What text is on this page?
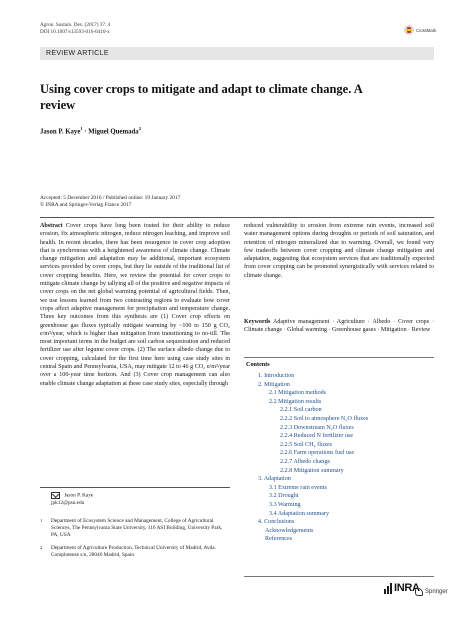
Agron. Sustain. Dev. (2017) 37: 4
DOI 10.1007/s13593-016-0410-x	CrossMark
REVIEW ARTICLE
Using cover crops to mitigate and adapt to climate change. A review
Jason P. Kaye$^1$ · Miguel Quemada$^2$
Accepted: 5 December 2016 / Published online: 19 January 2017
© INRA and Springer-Verlag France 2017
Abstract Cover crops have long been touted for their ability to reduce erosion, fix atmospheric nitrogen, reduce nitrogen leaching, and improve soil health. In recent decades, there has been resurgence in cover crop adoption that is synchronous with a heightened awareness of climate change. Climate change mitigation and adaptation may be additional, important ecosystem services provided by cover crops, but they lie outside of the traditional list of cover cropping benefits. Here, we review the potential for cover crops to mitigate climate change by tallying all of the positive and negative impacts of cover crops on the net global warming potential of agricultural fields. Then, we use lessons learned from two contrasting regions to evaluate how cover crops affect adaptive management for precipitation and temperature change. Three key outcomes from this synthesis are (1) Cover crop effects on greenhouse gas fluxes typically mitigate warming by ~100 to 150 g CO₂ e/m²/year, which is higher than mitigation from transitioning to no-till. The most important terms in the budget are soil carbon sequestration and reduced fertilizer use after legume cover crops. (2) The surface albedo change due to cover cropping, calculated for the first time here using case study sites in central Spain and Pennsylvania, USA, may mitigate 12 to 46 g CO₂ e/m²/year over a 100-year time horizon. And (3) Cover crop management can also enable climate change adaptation at these case study sites, especially through
reduced vulnerability to erosion from extreme rain events, increased soil water management options during droughts or periods of soil saturation, and retention of nitrogen mineralized due to warming. Overall, we found very few tradeoffs between cover cropping and climate change mitigation and adaptation, suggesting that ecosystem services that are traditionally expected from cover cropping can be promoted synergistically with services related to climate change.
Keywords Adaptive management · Agriculture · Albedo · Cover crops · Climate change · Global warming · Greenhouse gases · Mitigation · Review
Contents
1. Introduction
2. Mitigation
2.1 Mitigation methods
2.2 Mitigation results
2.2.1 Soil carbon
2.2.2 Soil to atmosphere N₂O fluxes
2.2.3 Downstream N₂O fluxes
2.2.4 Reduced N fertilizer use
2.2.5 Soil CH₄ fluxes
2.2.6 Farm operations fuel use
2.2.7 Albedo change
2.2.8 Mitigation summary
3. Adaptation
3.1 Extreme rain events
3.2 Drought
3.3 Warming
3.4 Adaptation summary
4. Conclusions
Acknowledgements
References
Jason P. Kaye
jpk12@psu.edu
1 Department of Ecosystem Science and Management, College of Agricultural Sciences, The Pennsylvania State University, 116 ASI Building, University Park, PA, USA
2 Department of Agriculture Production, Technical University of Madrid, Avda. Complutense s/n, 28040 Madrid, Spain
INRA Springer
